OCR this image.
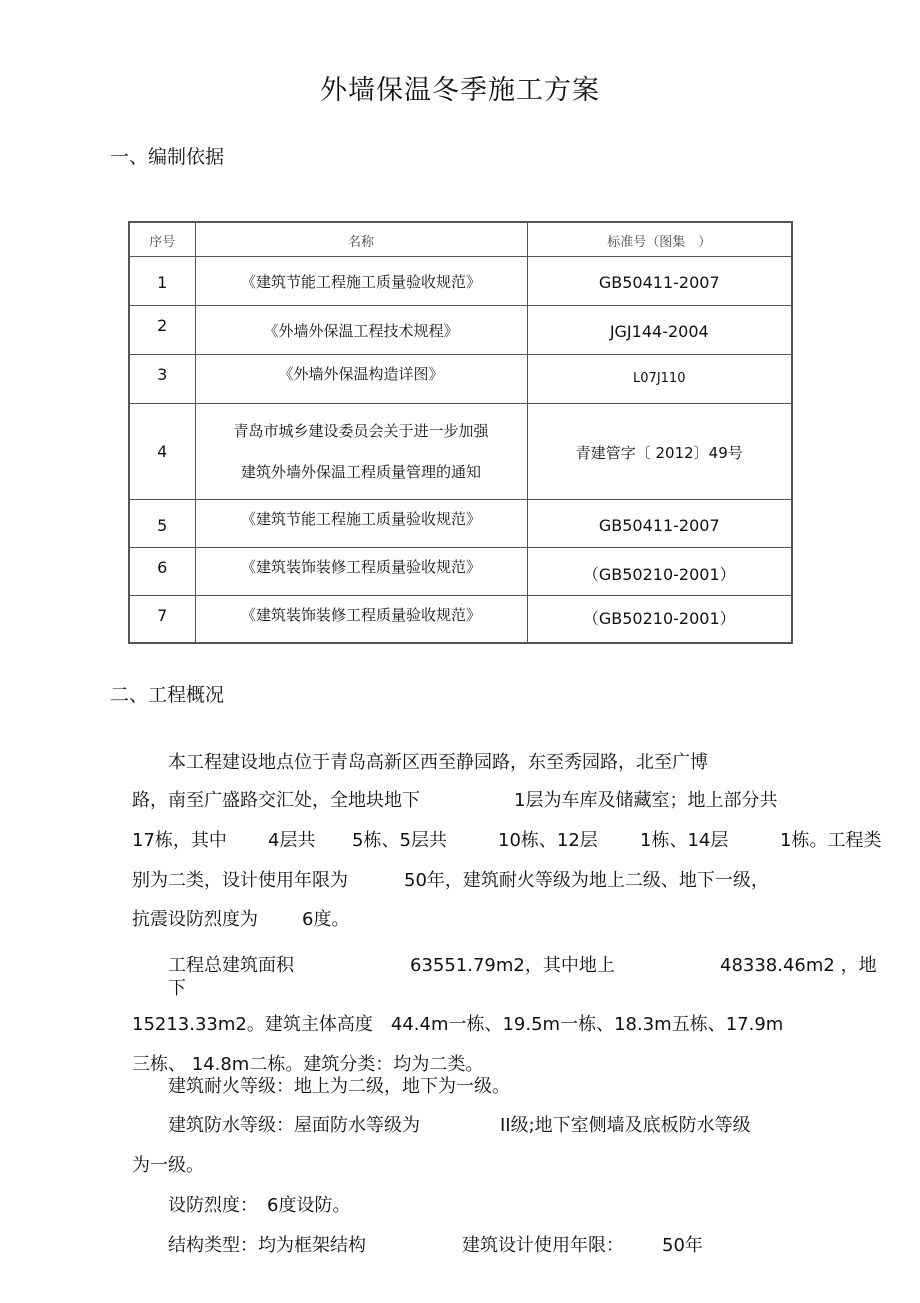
外墙保温冬季施工方案
一、编制依据
序号	名称	标准号（图集　）

1	《建筑节能工程施工质量验收规范》	GB50411-2007

2	《外墙外保温工程技术规程》	JGJ144-2004

3	《外墙外保温构造详图》	L07J110

4	青岛市城乡建设委员会关于进一步加强
建筑外墙外保温工程质量管理的通知	青建管字〔 2012〕49号

5	《建筑节能工程施工质量验收规范》	GB50411-2007

6	《建筑装饰装修工程质量验收规范》	（GB50210-2001）

7	《建筑装饰装修工程质量验收规范》	（GB50210-2001）
二、工程概况
本工程建设地点位于青岛高新区西至静园路，东至秀园路，北至广博
路，南至广盛路交汇处，全地块地下	1层为车库及储藏室；地上部分共
17栋，其中 4层共 5栋、5层共	10栋、12层 1栋、14层	1栋。工程类
别为二类，设计使用年限为	50年，建筑耐火等级为地上二级、地下一级，
抗震设防烈度为 6度。
工程总建筑面积	63551.79m2，其中地上	48338.46m2 ，地
下
15213.33m2。建筑主体高度　44.4m一栋、19.5m一栋、18.3m五栋、17.9m
三栋、 14.8m二栋。建筑分类：均为二类。
建筑耐火等级：地上为二级，地下为一级。
建筑防水等级：屋面防水等级为	II级;地下室侧墙及底板防水等级
为一级。
设防烈度：　6度设防。
结构类型：均为框架结构	建筑设计使用年限： 50年
